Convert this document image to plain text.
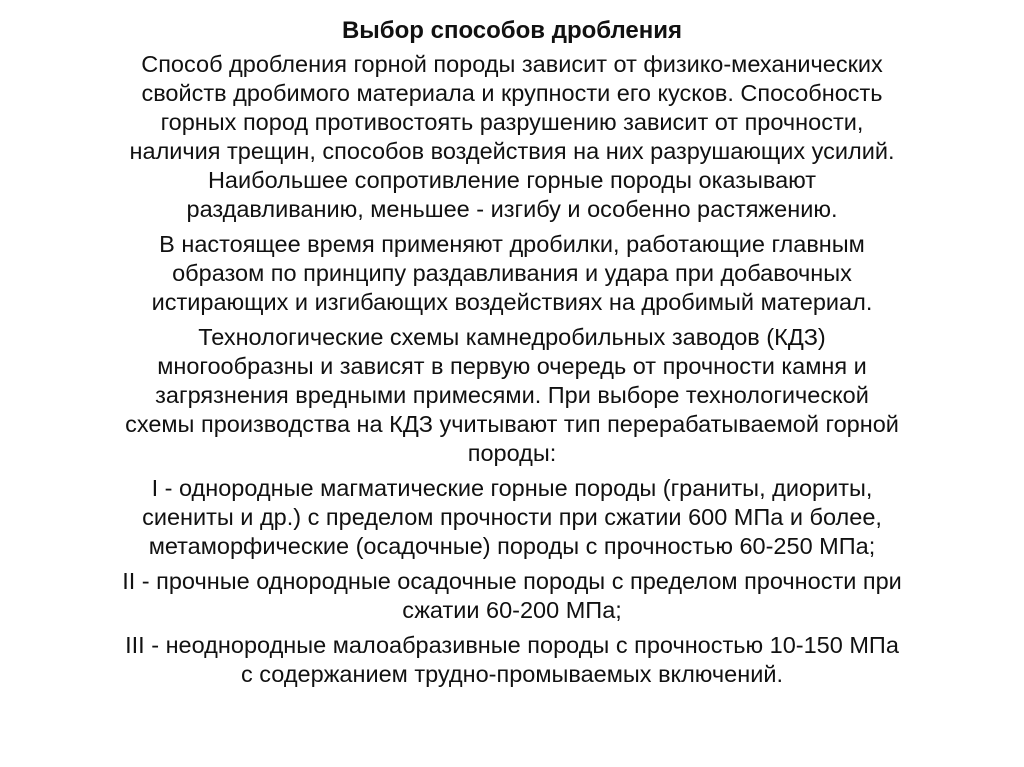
Выбор способов дробления

Способ дробления горной породы зависит от физико-механических
свойств дробимого материала и крупности его кусков. Способность
горных пород противостоять разрушению зависит от прочности,
наличия трещин, способов воздействия на них разрушающих усилий.
Наибольшее сопротивление горные породы оказывают
раздавливанию, меньшее - изгибу и особенно растяжению.

В настоящее время применяют дробилки, работающие главным
образом по принципу раздавливания и удара при добавочных
истирающих и изгибающих воздействиях на дробимый материал.

Технологические схемы камнедробильных заводов (КДЗ)
многообразны и зависят в первую очередь от прочности камня и
загрязнения вредными примесями. При выборе технологической
схемы производства на КДЗ учитывают тип перерабатываемой горной
породы:

I - однородные магматические горные породы (граниты, диориты,
сиениты и др.) с пределом прочности при сжатии 600 МПа и более,
метаморфические (осадочные) породы с прочностью 60-250 МПа;

II - прочные однородные осадочные породы с пределом прочности при
сжатии 60-200 МПа;

III - неоднородные малоабразивные породы с прочностью 10-150 МПа
с содержанием трудно-промываемых включений.
